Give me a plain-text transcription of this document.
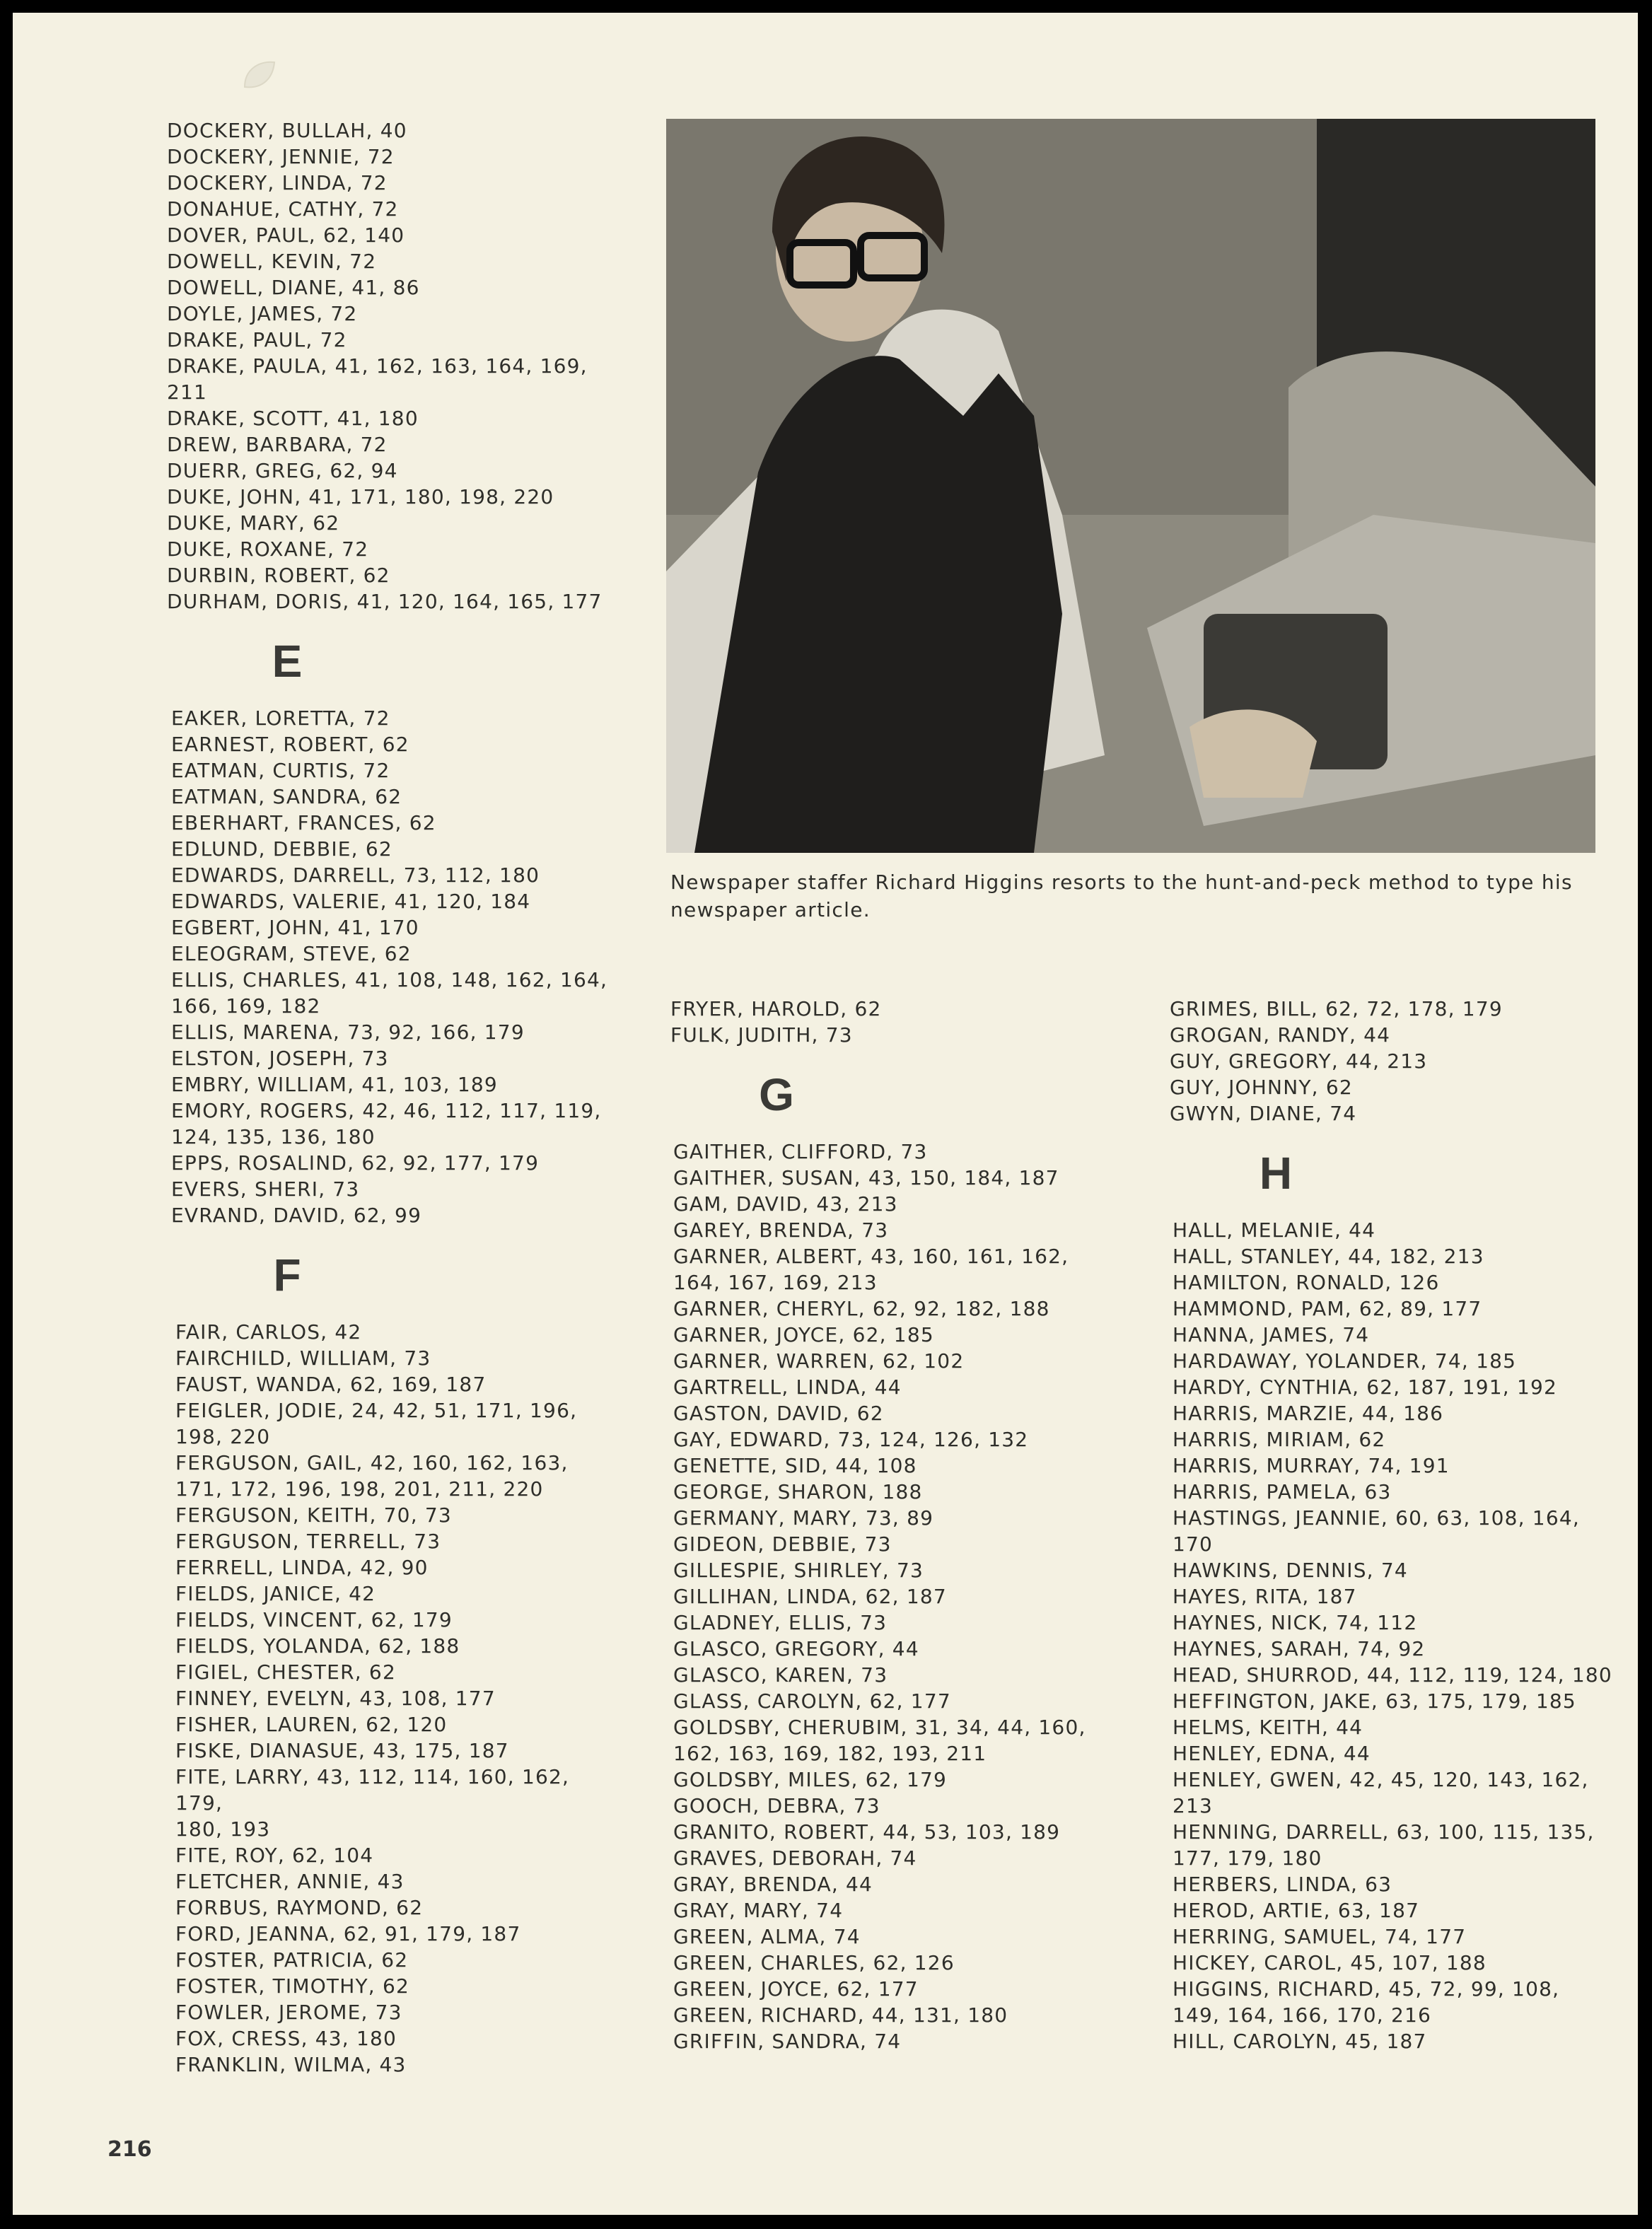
DOCKERY, BULLAH, 40
DOCKERY, JENNIE, 72
DOCKERY, LINDA, 72
DONAHUE, CATHY, 72
DOVER, PAUL, 62, 140
DOWELL, KEVIN, 72
DOWELL, DIANE, 41, 86
DOYLE, JAMES, 72
DRAKE, PAUL, 72
DRAKE, PAULA, 41, 162, 163, 164, 169,
211
DRAKE, SCOTT, 41, 180
DREW, BARBARA, 72
DUERR, GREG, 62, 94
DUKE, JOHN, 41, 171, 180, 198, 220
DUKE, MARY, 62
DUKE, ROXANE, 72
DURBIN, ROBERT, 62
DURHAM, DORIS, 41, 120, 164, 165, 177
E
EAKER, LORETTA, 72
EARNEST, ROBERT, 62
EATMAN, CURTIS, 72
EATMAN, SANDRA, 62
EBERHART, FRANCES, 62
EDLUND, DEBBIE, 62
EDWARDS, DARRELL, 73, 112, 180
EDWARDS, VALERIE, 41, 120, 184
EGBERT, JOHN, 41, 170
ELEOGRAM, STEVE, 62
ELLIS, CHARLES, 41, 108, 148, 162, 164,
166, 169, 182
ELLIS, MARENA, 73, 92, 166, 179
ELSTON, JOSEPH, 73
EMBRY, WILLIAM, 41, 103, 189
EMORY, ROGERS, 42, 46, 112, 117, 119,
124, 135, 136, 180
EPPS, ROSALIND, 62, 92, 177, 179
EVERS, SHERI, 73
EVRAND, DAVID, 62, 99
F
FAIR, CARLOS, 42
FAIRCHILD, WILLIAM, 73
FAUST, WANDA, 62, 169, 187
FEIGLER, JODIE, 24, 42, 51, 171, 196,
198, 220
FERGUSON, GAIL, 42, 160, 162, 163,
171, 172, 196, 198, 201, 211, 220
FERGUSON, KEITH, 70, 73
FERGUSON, TERRELL, 73
FERRELL, LINDA, 42, 90
FIELDS, JANICE, 42
FIELDS, VINCENT, 62, 179
FIELDS, YOLANDA, 62, 188
FIGIEL, CHESTER, 62
FINNEY, EVELYN, 43, 108, 177
FISHER, LAUREN, 62, 120
FISKE, DIANASUE, 43, 175, 187
FITE, LARRY, 43, 112, 114, 160, 162, 179,
180, 193
FITE, ROY, 62, 104
FLETCHER, ANNIE, 43
FORBUS, RAYMOND, 62
FORD, JEANNA, 62, 91, 179, 187
FOSTER, PATRICIA, 62
FOSTER, TIMOTHY, 62
FOWLER, JEROME, 73
FOX, CRESS, 43, 180
FRANKLIN, WILMA, 43
Newspaper staffer Richard Higgins resorts to the hunt-and-peck method to type his newspaper article.
FRYER, HAROLD, 62
FULK, JUDITH, 73
G
GAITHER, CLIFFORD, 73
GAITHER, SUSAN, 43, 150, 184, 187
GAM, DAVID, 43, 213
GAREY, BRENDA, 73
GARNER, ALBERT, 43, 160, 161, 162,
164, 167, 169, 213
GARNER, CHERYL, 62, 92, 182, 188
GARNER, JOYCE, 62, 185
GARNER, WARREN, 62, 102
GARTRELL, LINDA, 44
GASTON, DAVID, 62
GAY, EDWARD, 73, 124, 126, 132
GENETTE, SID, 44, 108
GEORGE, SHARON, 188
GERMANY, MARY, 73, 89
GIDEON, DEBBIE, 73
GILLESPIE, SHIRLEY, 73
GILLIHAN, LINDA, 62, 187
GLADNEY, ELLIS, 73
GLASCO, GREGORY, 44
GLASCO, KAREN, 73
GLASS, CAROLYN, 62, 177
GOLDSBY, CHERUBIM, 31, 34, 44, 160,
162, 163, 169, 182, 193, 211
GOLDSBY, MILES, 62, 179
GOOCH, DEBRA, 73
GRANITO, ROBERT, 44, 53, 103, 189
GRAVES, DEBORAH, 74
GRAY, BRENDA, 44
GRAY, MARY, 74
GREEN, ALMA, 74
GREEN, CHARLES, 62, 126
GREEN, JOYCE, 62, 177
GREEN, RICHARD, 44, 131, 180
GRIFFIN, SANDRA, 74
GRIMES, BILL, 62, 72, 178, 179
GROGAN, RANDY, 44
GUY, GREGORY, 44, 213
GUY, JOHNNY, 62
GWYN, DIANE, 74
H
HALL, MELANIE, 44
HALL, STANLEY, 44, 182, 213
HAMILTON, RONALD, 126
HAMMOND, PAM, 62, 89, 177
HANNA, JAMES, 74
HARDAWAY, YOLANDER, 74, 185
HARDY, CYNTHIA, 62, 187, 191, 192
HARRIS, MARZIE, 44, 186
HARRIS, MIRIAM, 62
HARRIS, MURRAY, 74, 191
HARRIS, PAMELA, 63
HASTINGS, JEANNIE, 60, 63, 108, 164,
170
HAWKINS, DENNIS, 74
HAYES, RITA, 187
HAYNES, NICK, 74, 112
HAYNES, SARAH, 74, 92
HEAD, SHURROD, 44, 112, 119, 124, 180
HEFFINGTON, JAKE, 63, 175, 179, 185
HELMS, KEITH, 44
HENLEY, EDNA, 44
HENLEY, GWEN, 42, 45, 120, 143, 162,
213
HENNING, DARRELL, 63, 100, 115, 135,
177, 179, 180
HERBERS, LINDA, 63
HEROD, ARTIE, 63, 187
HERRING, SAMUEL, 74, 177
HICKEY, CAROL, 45, 107, 188
HIGGINS, RICHARD, 45, 72, 99, 108,
149, 164, 166, 170, 216
HILL, CAROLYN, 45, 187
216
